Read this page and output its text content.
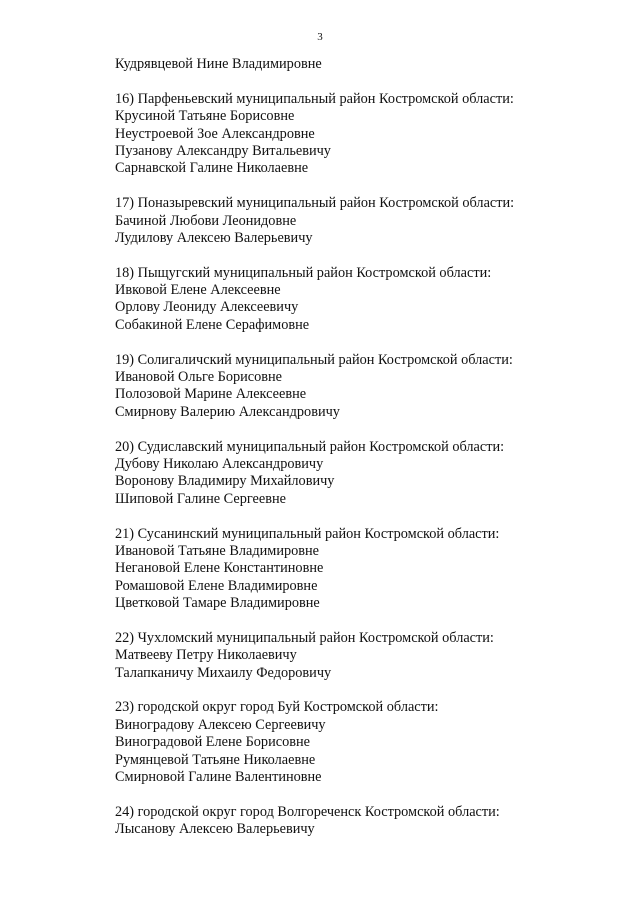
3
Кудрявцевой Нине Владимировне
16) Парфеньевский муниципальный район Костромской области:
Крусиной Татьяне Борисовне
Неустроевой Зое Александровне
Пузанову Александру Витальевичу
Сарнавской Галине Николаевне
17) Поназыревский муниципальный район Костромской области:
Бачиной Любови Леонидовне
Лудилову Алексею Валерьевичу
18) Пыщугский муниципальный район Костромской области:
Ивковой Елене Алексеевне
Орлову Леониду Алексеевичу
Собакиной Елене Серафимовне
19) Солигаличский муниципальный район Костромской области:
Ивановой Ольге Борисовне
Полозовой Марине Алексеевне
Смирнову Валерию Александровичу
20) Судиславский муниципальный район Костромской области:
Дубову Николаю Александровичу
Воронову Владимиру Михайловичу
Шиповой Галине Сергеевне
21) Сусанинский муниципальный район Костромской области:
Ивановой Татьяне Владимировне
Негановой Елене Константиновне
Ромашовой Елене Владимировне
Цветковой Тамаре Владимировне
22) Чухломский муниципальный район Костромской области:
Матвееву Петру Николаевичу
Талапканичу Михаилу Федоровичу
23) городской округ город Буй Костромской области:
Виноградову Алексею Сергеевичу
Виноградовой Елене Борисовне
Румянцевой Татьяне Николаевне
Смирновой Галине Валентиновне
24) городской округ город Волгореченск Костромской области:
Лысанову Алексею Валерьевичу
